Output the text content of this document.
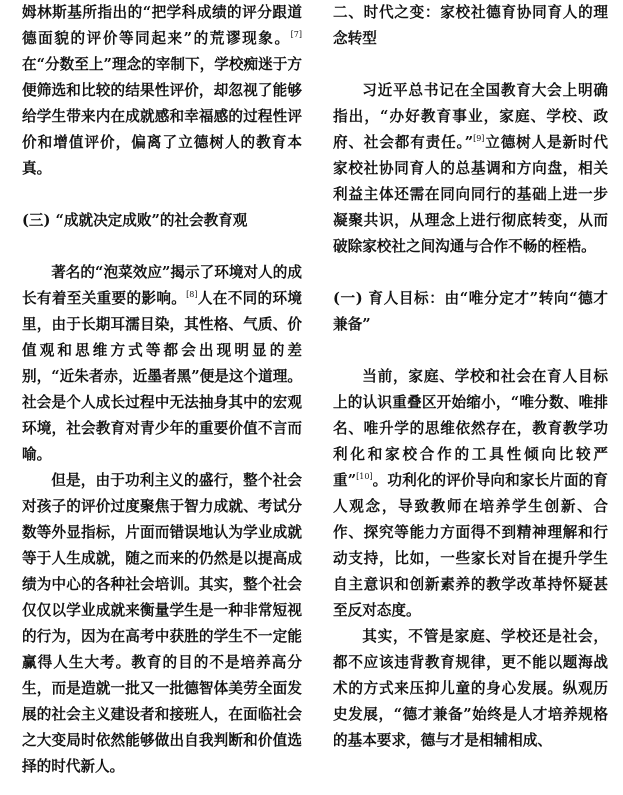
姆林斯基所指出的“把学科成绩的评分跟道德面貌的评价等同起来”的荒谬现象。[7]在“分数至上”理念的宰制下，学校痴迷于方便筛选和比较的结果性评价，却忽视了能够给学生带来内在成就感和幸福感的过程性评价和增值评价，偏离了立德树人的教育本真。

(三) “成就决定成败”的社会教育观

著名的“泡菜效应”揭示了环境对人的成长有着至关重要的影响。[8]人在不同的环境里，由于长期耳濡目染，其性格、气质、价值观和思维方式等都会出现明显的差别，“近朱者赤，近墨者黑”便是这个道理。社会是个人成长过程中无法抽身其中的宏观环境，社会教育对青少年的重要价值不言而喻。

但是，由于功利主义的盛行，整个社会对孩子的评价过度聚焦于智力成就、考试分数等外显指标，片面而错误地认为学业成就等于人生成就，随之而来的仍然是以提高成绩为中心的各种社会培训。其实，整个社会仅仅以学业成就来衡量学生是一种非常短视的行为，因为在高考中获胜的学生不一定能赢得人生大考。教育的目的不是培养高分生，而是造就一批又一批德智体美劳全面发展的社会主义建设者和接班人，在面临社会之大变局时依然能够做出自我判断和价值选择的时代新人。

二、时代之变：家校社德育协同育人的理念转型

习近平总书记在全国教育大会上明确指出，“办好教育事业，家庭、学校、政府、社会都有责任。”[9]立德树人是新时代家校社协同育人的总基调和方向盘，相关利益主体还需在同向同行的基础上进一步凝聚共识，从理念上进行彻底转变，从而破除家校社之间沟通与合作不畅的桎梏。

(一) 育人目标：由“唯分定才”转向“德才兼备”

当前，家庭、学校和社会在育人目标上的认识重叠区开始缩小，“唯分数、唯排名、唯升学的思维依然存在，教育教学功利化和家校合作的工具性倾向比较严重”[10]。功利化的评价导向和家长片面的育人观念，导致教师在培养学生创新、合作、探究等能力方面得不到精神理解和行动支持，比如，一些家长对旨在提升学生自主意识和创新素养的教学改革持怀疑甚至反对态度。

其实，不管是家庭、学校还是社会，都不应该违背教育规律，更不能以题海战术的方式来压抑儿童的身心发展。纵观历史发展，“德才兼备”始终是人才培养规格的基本要求，德与才是相辅相成、
